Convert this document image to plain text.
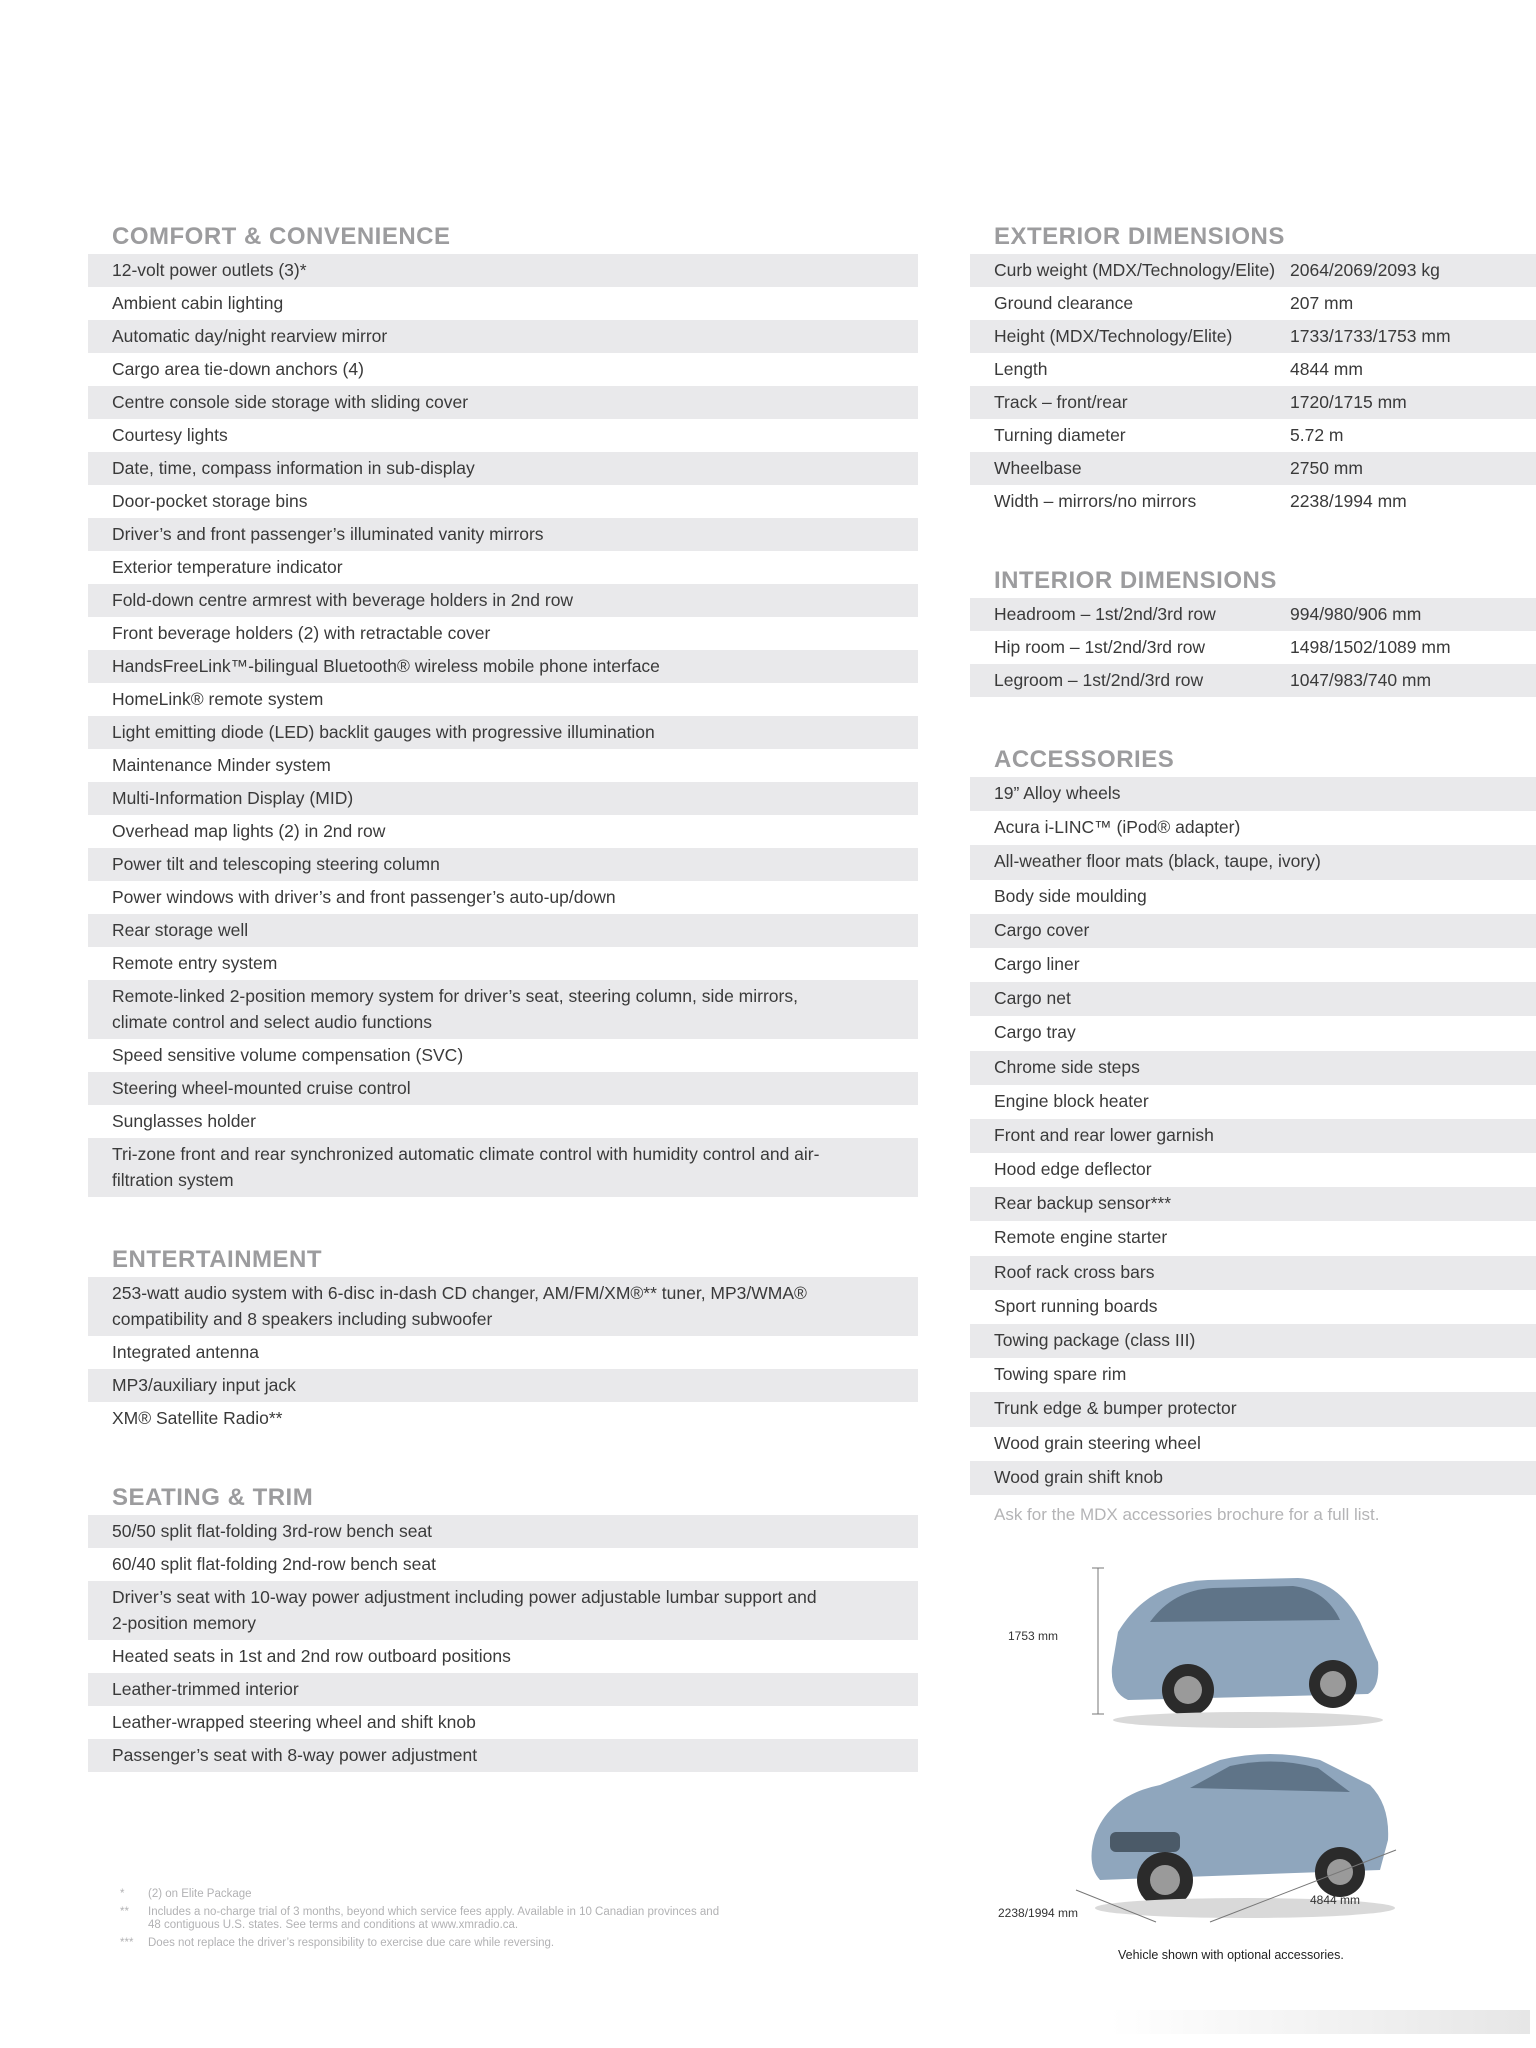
COMFORT & CONVENIENCE
12-volt power outlets (3)*
Ambient cabin lighting
Automatic day/night rearview mirror
Cargo area tie-down anchors (4)
Centre console side storage with sliding cover
Courtesy lights
Date, time, compass information in sub-display
Door-pocket storage bins
Driver’s and front passenger’s illuminated vanity mirrors
Exterior temperature indicator
Fold-down centre armrest with beverage holders in 2nd row
Front beverage holders (2) with retractable cover
HandsFreeLink™-bilingual Bluetooth® wireless mobile phone interface
HomeLink® remote system
Light emitting diode (LED) backlit gauges with progressive illumination
Maintenance Minder system
Multi-Information Display (MID)
Overhead map lights (2) in 2nd row
Power tilt and telescoping steering column
Power windows with driver’s and front passenger’s auto-up/down
Rear storage well
Remote entry system
Remote-linked 2-position memory system for driver’s seat, steering column, side mirrors, climate control and select audio functions
Speed sensitive volume compensation (SVC)
Steering wheel-mounted cruise control
Sunglasses holder
Tri-zone front and rear synchronized automatic climate control with humidity control and air-filtration system
ENTERTAINMENT
253-watt audio system with 6-disc in-dash CD changer, AM/FM/XM®** tuner, MP3/WMA® compatibility and 8 speakers including subwoofer
Integrated antenna
MP3/auxiliary input jack
XM® Satellite Radio**
SEATING & TRIM
50/50 split flat-folding 3rd-row bench seat
60/40 split flat-folding 2nd-row bench seat
Driver’s seat with 10-way power adjustment including power adjustable lumbar support and 2-position memory
Heated seats in 1st and 2nd row outboard positions
Leather-trimmed interior
Leather-wrapped steering wheel and shift knob
Passenger’s seat with 8-way power adjustment
EXTERIOR DIMENSIONS
Curb weight (MDX/Technology/Elite) 2064/2069/2093 kg
Ground clearance	207 mm
Height (MDX/Technology/Elite)	1733/1733/1753 mm
Length	4844 mm
Track – front/rear	1720/1715 mm
Turning diameter	5.72 m
Wheelbase	2750 mm
Width – mirrors/no mirrors	2238/1994 mm
INTERIOR DIMENSIONS
Headroom – 1st/2nd/3rd row	994/980/906 mm
Hip room – 1st/2nd/3rd row	1498/1502/1089 mm
Legroom – 1st/2nd/3rd row	1047/983/740 mm
ACCESSORIES
19” Alloy wheels
Acura i-LINC™ (iPod® adapter)
All-weather floor mats (black, taupe, ivory)
Body side moulding
Cargo cover
Cargo liner
Cargo net
Cargo tray
Chrome side steps
Engine block heater
Front and rear lower garnish
Hood edge deflector
Rear backup sensor***
Remote engine starter
Roof rack cross bars
Sport running boards
Towing package (class III)
Towing spare rim
Trunk edge & bumper protector
Wood grain steering wheel
Wood grain shift knob
Ask for the MDX accessories brochure for a full list.
1753 mm
2238/1994 mm
4844 mm
Vehicle shown with optional accessories.
*	(2) on Elite Package
**	Includes a no-charge trial of 3 months, beyond which service fees apply. Available in 10 Canadian provinces and 48 contiguous U.S. states. See terms and conditions at www.xmradio.ca.
***	Does not replace the driver’s responsibility to exercise due care while reversing.
